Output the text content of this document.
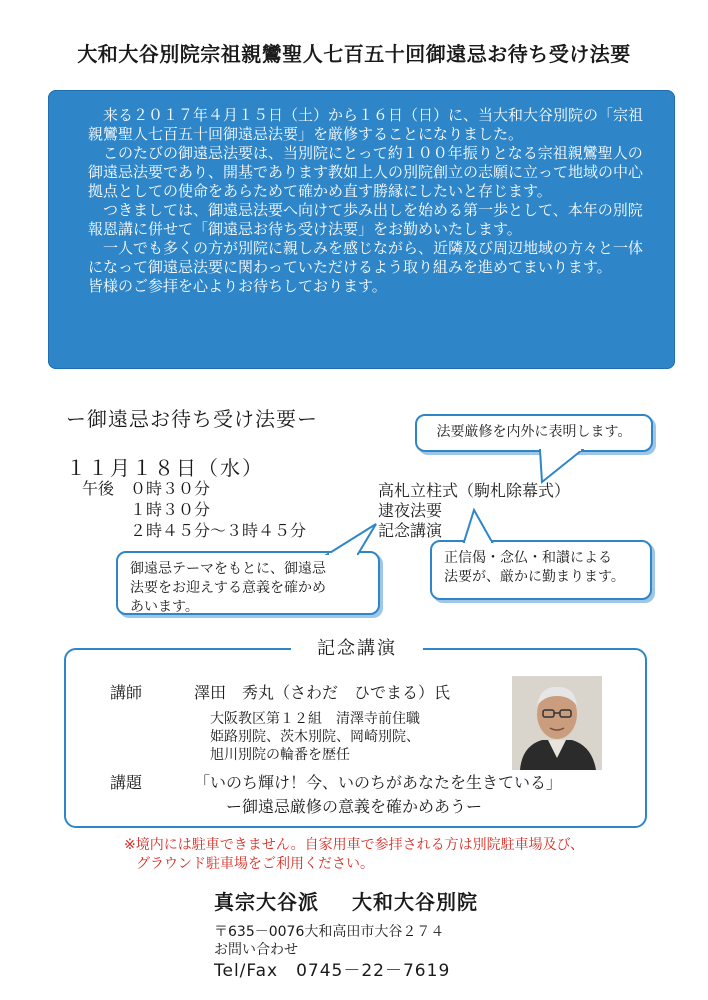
大和大谷別院宗祖親鸞聖人七百五十回御遠忌お待ち受け法要

　来る２０１７年４月１５日（土）から１６日（日）に、当大和大谷別院の「宗祖親鸞聖人七百五十回御遠忌法要」を厳修することになりました。

　このたびの御遠忌法要は、当別院にとって約１００年振りとなる宗祖親鸞聖人の御遠忌法要であり、開基であります教如上人の別院創立の志願に立って地域の中心拠点としての使命をあらためて確かめ直す勝縁にしたいと存じます。

　つきましては、御遠忌法要へ向けて歩み出しを始める第一歩として、本年の別院報恩講に併せて「御遠忌お待ち受け法要」をお勤めいたします。

　一人でも多くの方が別院に親しみを感じながら、近隣及び周辺地域の方々と一体になって御遠忌法要に関わっていただけるよう取り組みを進めてまいります。

皆様のご参拝を心よりお待ちしております。

ー御遠忌お待ち受け法要ー
１１月１８日（水）
午後 ０時３０分
１時３０分
２時４５分〜３時４５分
高札立柱式（駒札除幕式）
逮夜法要
記念講演

法要厳修を内外に表明します。

正信偈・念仏・和讃による
法要が、厳かに勤まります。

御遠忌テーマをもとに、御遠忌
法要をお迎えする意義を確かめ
あいます。

記念講演
講師	澤田　秀丸（さわだ　ひでまる）氏
大阪教区第１２組　清澤寺前住職
姫路別院、茨木別院、岡崎別院、
旭川別院の輪番を歴任
講題	「いのち輝け！今、いのちがあなたを生きている」
ー御遠忌厳修の意義を確かめあうー
※境内には駐車できません。自家用車で参拝される方は別院駐車場及び、
グラウンド駐車場をご利用ください。
真宗大谷派 大和大谷別院
〒635－0076大和高田市大谷２７４
お問い合わせ
Tel/Fax　0745－22－7619
